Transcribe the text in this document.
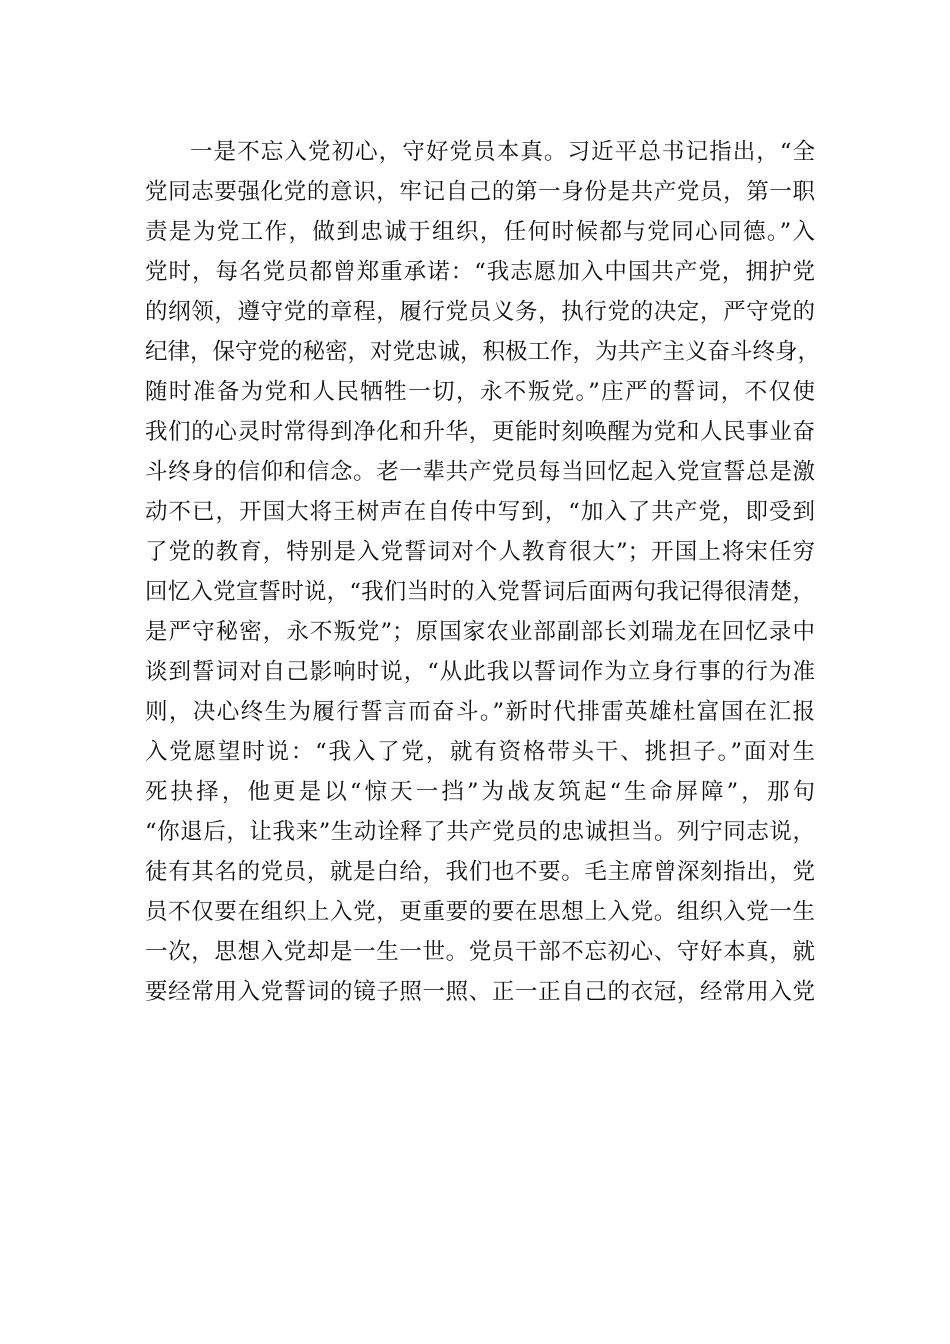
一是不忘入党初心，守好党员本真。习近平总书记指出，“全
党同志要强化党的意识，牢记自己的第一身份是共产党员，第一职
责是为党工作，做到忠诚于组织，任何时候都与党同心同德。”入
党时，每名党员都曾郑重承诺：“我志愿加入中国共产党，拥护党
的纲领，遵守党的章程，履行党员义务，执行党的决定，严守党的
纪律，保守党的秘密，对党忠诚，积极工作，为共产主义奋斗终身，
随时准备为党和人民牺牲一切，永不叛党。”庄严的誓词，不仅使
我们的心灵时常得到净化和升华，更能时刻唤醒为党和人民事业奋
斗终身的信仰和信念。老一辈共产党员每当回忆起入党宣誓总是激
动不已，开国大将王树声在自传中写到，“加入了共产党，即受到
了党的教育，特别是入党誓词对个人教育很大”；开国上将宋任穷
回忆入党宣誓时说，“我们当时的入党誓词后面两句我记得很清楚，
是严守秘密，永不叛党”；原国家农业部副部长刘瑞龙在回忆录中
谈到誓词对自己影响时说，“从此我以誓词作为立身行事的行为准
则，决心终生为履行誓言而奋斗。”新时代排雷英雄杜富国在汇报
入党愿望时说：“我入了党，就有资格带头干、挑担子。”面对生
死抉择，他更是以“惊天一挡”为战友筑起“生命屏障”，那句
“你退后，让我来”生动诠释了共产党员的忠诚担当。列宁同志说，
徒有其名的党员，就是白给，我们也不要。毛主席曾深刻指出，党
员不仅要在组织上入党，更重要的要在思想上入党。组织入党一生
一次，思想入党却是一生一世。党员干部不忘初心、守好本真，就
要经常用入党誓词的镜子照一照、正一正自己的衣冠，经常用入党
